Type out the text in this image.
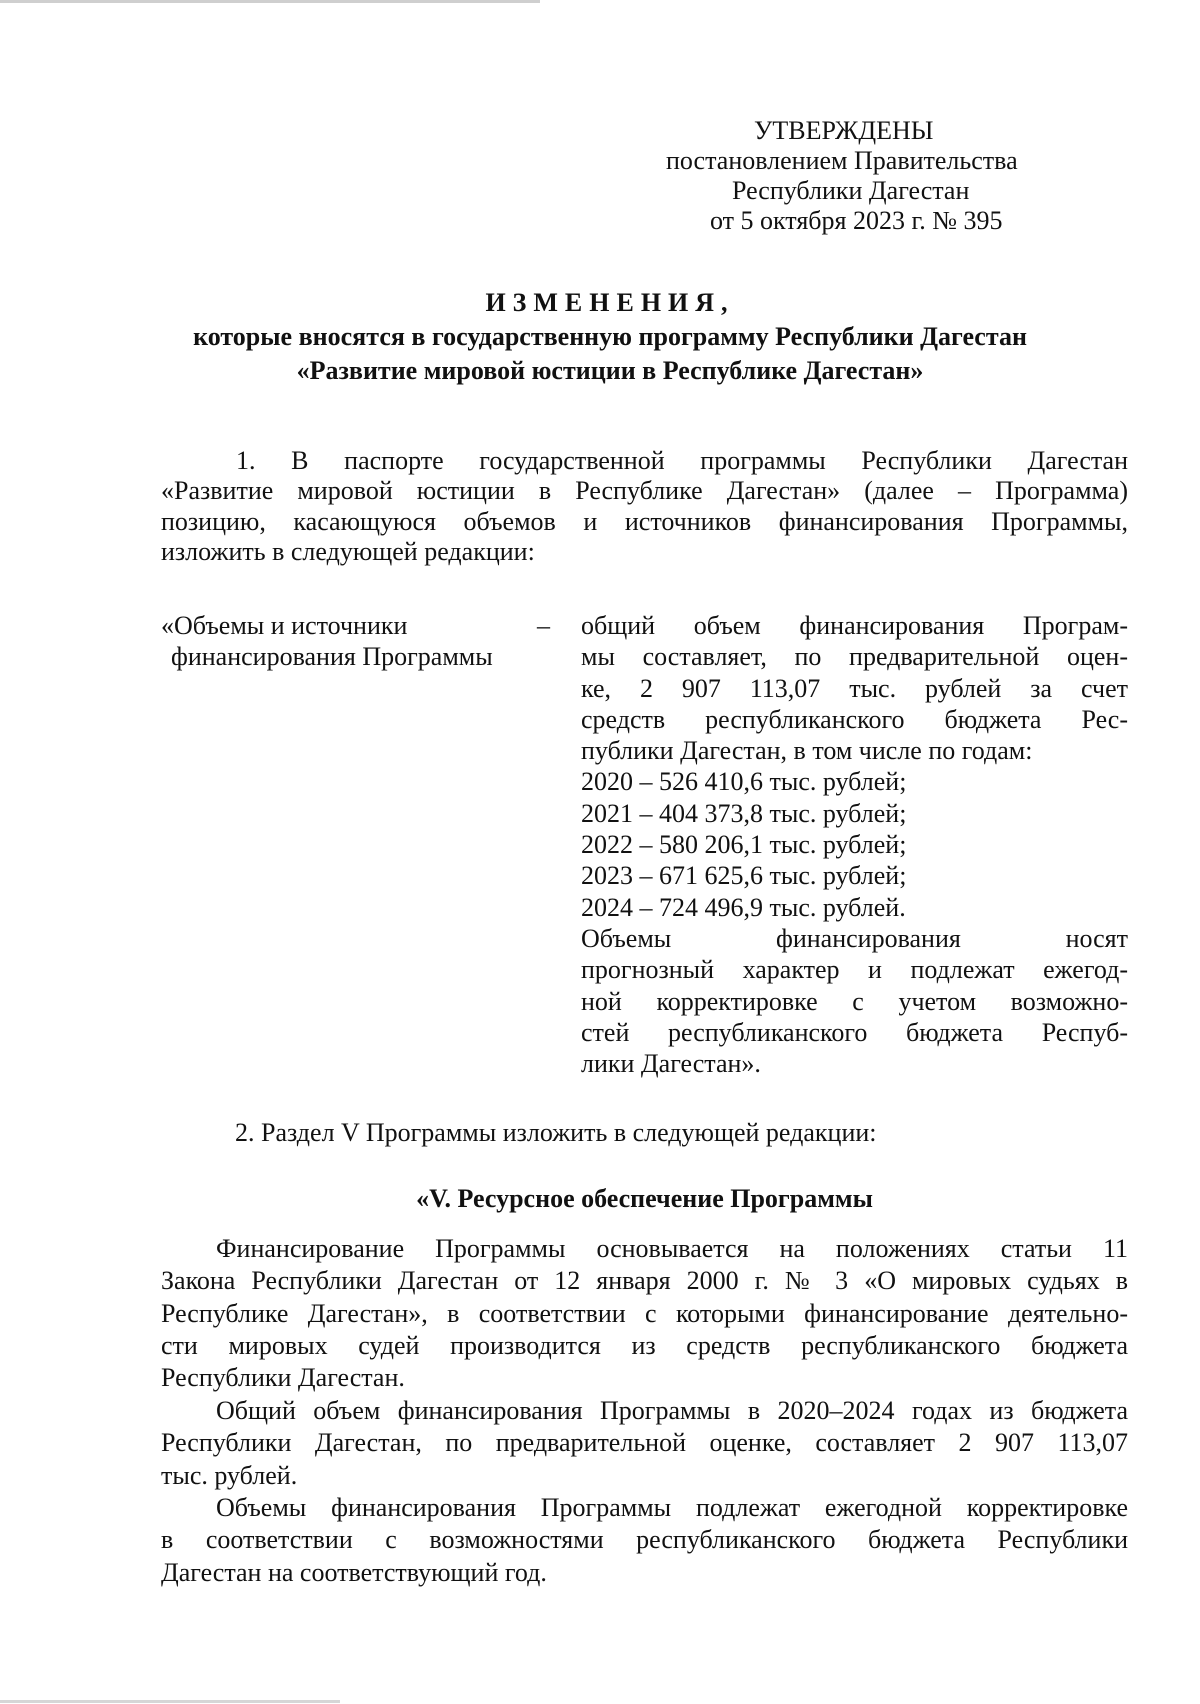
УТВЕРЖДЕНЫ
постановлением Правительства
Республики Дагестан
от 5 октября 2023 г. № 395
ИЗМЕНЕНИЯ,
которые вносятся в государственную программу Республики Дагестан
«Развитие мировой юстиции в Республике Дагестан»
1. В паспорте государственной программы Республики Дагестан
«Развитие мировой юстиции в Республике Дагестан» (далее – Программа)
позицию, касающуюся объемов и источников финансирования Программы,
изложить в следующей редакции:
«Объемы и источники
финансирования Программы
– общий объем финансирования Програм-
мы составляет, по предварительной оцен-
ке, 2 907 113,07 тыс. рублей за счет
средств республиканского бюджета Рес-
публики Дагестан, в том числе по годам:
2020 – 526 410,6 тыс. рублей;
2021 – 404 373,8 тыс. рублей;
2022 – 580 206,1 тыс. рублей;
2023 – 671 625,6 тыс. рублей;
2024 – 724 496,9 тыс. рублей.
Объемы финансирования носят
прогнозный характер и подлежат ежегод-
ной корректировке с учетом возможно-
стей республиканского бюджета Респуб-
лики Дагестан».
2. Раздел V Программы изложить в следующей редакции:
«V. Ресурсное обеспечение Программы
Финансирование Программы основывается на положениях статьи 11
Закона Республики Дагестан от 12 января 2000 г. № 3 «О мировых судьях в
Республике Дагестан», в соответствии с которыми финансирование деятельно-
сти мировых судей производится из средств республиканского бюджета
Республики Дагестан.
Общий объем финансирования Программы в 2020–2024 годах из бюджета
Республики Дагестан, по предварительной оценке, составляет 2 907 113,07
тыс. рублей.
Объемы финансирования Программы подлежат ежегодной корректировке
в соответствии с возможностями республиканского бюджета Республики
Дагестан на соответствующий год.
